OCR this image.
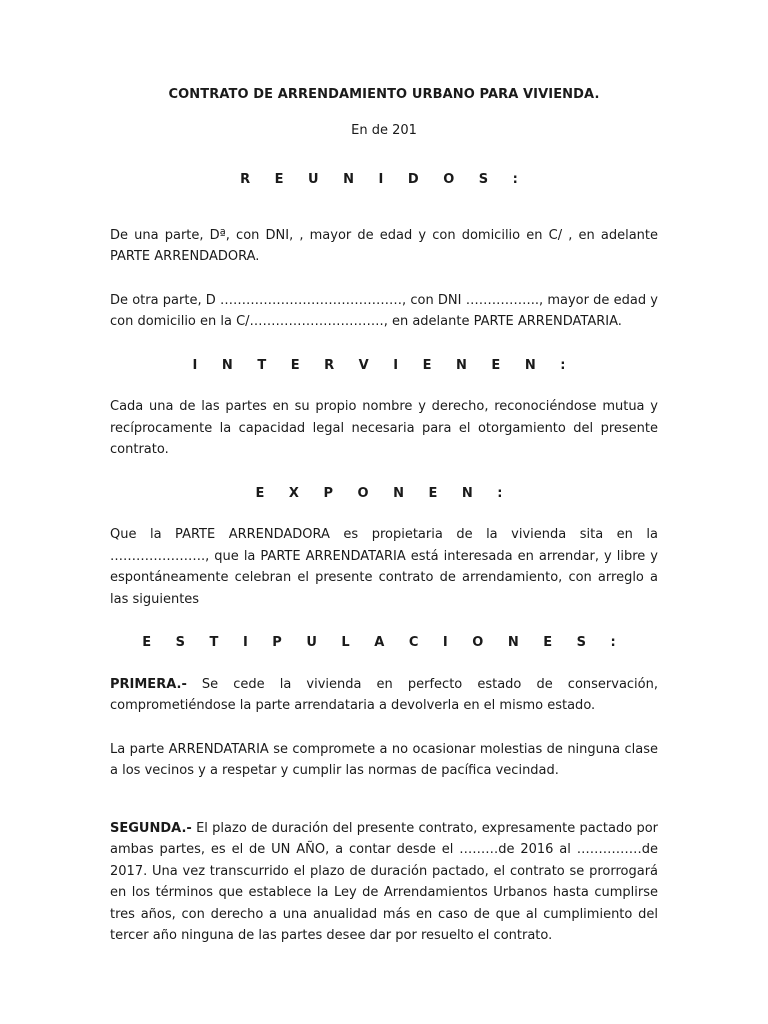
CONTRATO DE ARRENDAMIENTO URBANO PARA VIVIENDA.
En de 201
R E U N I D O S :

De una parte, Dª, con DNI, , mayor de edad y con domicilio en C/ , en adelante PARTE ARRENDADORA.

De otra parte, D ……………………………………, con DNI …………….., mayor de edad y con domicilio en la C/…………………………., en adelante PARTE ARRENDATARIA.

I N T E R V I E N E N :

Cada una de las partes en su propio nombre y derecho, reconociéndose mutua y recíprocamente la capacidad legal necesaria para el otorgamiento del presente contrato.

E X P O N E N :

Que la PARTE ARRENDADORA es propietaria de la vivienda sita en la …………………., que la PARTE ARRENDATARIA está interesada en arrendar, y libre y espontáneamente celebran el presente contrato de arrendamiento, con arreglo a las siguientes

E S T I P U L A C I O N E S :

PRIMERA.- Se cede la vivienda en perfecto estado de conservación, comprometiéndose la parte arrendataria a devolverla en el mismo estado.

La parte ARRENDATARIA se compromete a no ocasionar molestias de ninguna clase a los vecinos y a respetar y cumplir las normas de pacífica vecindad.

SEGUNDA.- El plazo de duración del presente contrato, expresamente pactado por ambas partes, es el de UN AÑO, a contar desde el ………de 2016 al ……………de 2017. Una vez transcurrido el plazo de duración pactado, el contrato se prorrogará en los términos que establece la Ley de Arrendamientos Urbanos hasta cumplirse tres años, con derecho a una anualidad más en caso de que al cumplimiento del tercer año ninguna de las partes desee dar por resuelto el contrato.
